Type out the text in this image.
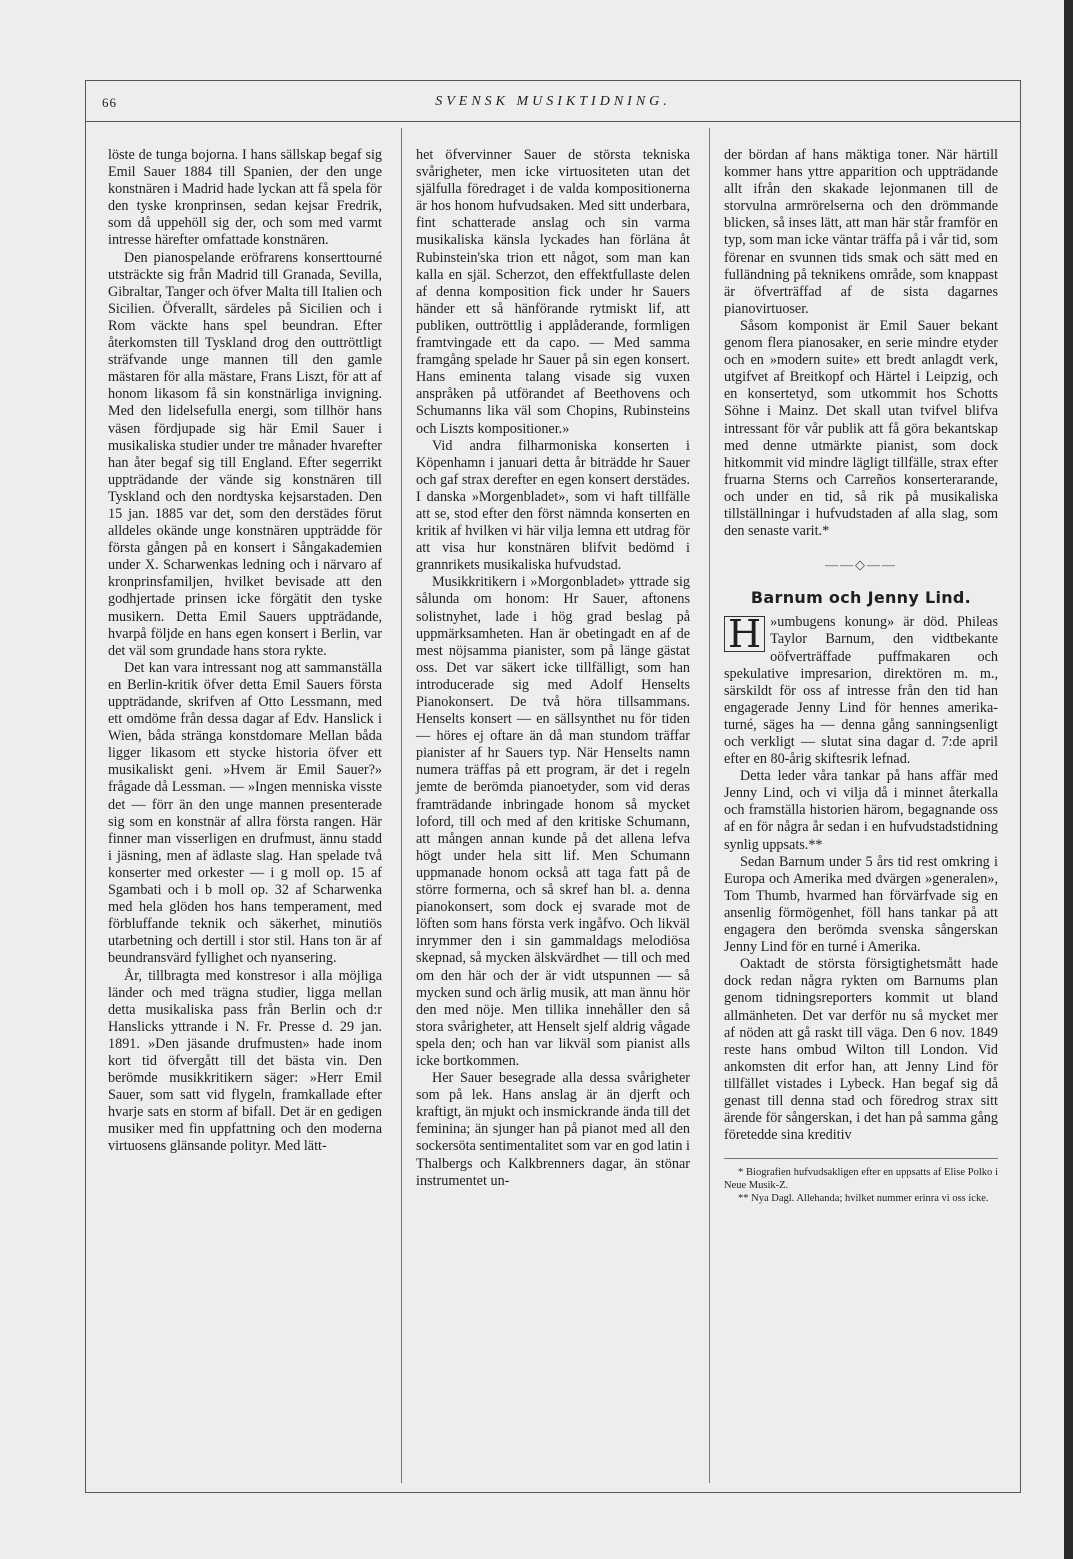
66	SVENSK MUSIKTIDNING.

löste de tunga bojorna. I hans sällskap begaf sig Emil Sauer 1884 till Spanien, der den unge konstnären i Madrid hade lyckan att få spela för den tyske kronprinsen, sedan kejsar Fredrik, som då uppehöll sig der, och som med varmt intresse härefter omfattade konstnären.

Den pianospelande eröfrarens konserttourné utsträckte sig från Madrid till Granada, Sevilla, Gibraltar, Tanger och öfver Malta till Italien och Sicilien. Öfverallt, särdeles på Sicilien och i Rom väckte hans spel beundran. Efter återkomsten till Tyskland drog den outtröttligt sträfvande unge mannen till den gamle mästaren för alla mästare, Frans Liszt, för att af honom likasom få sin konstnärliga invigning. Med den lidelsefulla energi, som tillhör hans väsen fördjupade sig här Emil Sauer i musikaliska studier under tre månader hvarefter han åter begaf sig till England. Efter segerrikt uppträdande der vände sig konstnären till Tyskland och den nordtyska kejsarstaden. Den 15 jan. 1885 var det, som den derstädes förut alldeles okände unge konstnären uppträdde för första gången på en konsert i Sångakademien under X. Scharwenkas ledning och i närvaro af kronprinsfamiljen, hvilket bevisade att den godhjertade prinsen icke förgätit den tyske musikern. Detta Emil Sauers uppträdande, hvarpå följde en hans egen konsert i Berlin, var det väl som grundade hans stora rykte.

Det kan vara intressant nog att sammanställa en Berlin-kritik öfver detta Emil Sauers första uppträdande, skrifven af Otto Lessmann, med ett omdöme från dessa dagar af Edv. Hanslick i Wien, båda stränga konstdomare Mellan båda ligger likasom ett stycke historia öfver ett musikaliskt geni. »Hvem är Emil Sauer?» frågade då Lessman. — »Ingen menniska visste det — förr än den unge mannen presenterade sig som en konstnär af allra första rangen. Här finner man visserligen en drufmust, ännu stadd i jäsning, men af ädlaste slag. Han spelade två konserter med orkester — i g moll op. 15 af Sgambati och i b moll op. 32 af Scharwenka med hela glöden hos hans temperament, med förbluffande teknik och säkerhet, minutiös utarbetning och dertill i stor stil. Hans ton är af beundransvärd fyllighet och nyansering.

År, tillbragta med konstresor i alla möjliga länder och med trägna studier, ligga mellan detta musikaliska pass från Berlin och d:r Hanslicks yttrande i N. Fr. Presse d. 29 jan. 1891. »Den jäsande drufmusten» hade inom kort tid öfvergått till det bästa vin. Den berömde musikkritikern säger: »Herr Emil Sauer, som satt vid flygeln, framkallade efter hvarje sats en storm af bifall. Det är en gedigen musiker med fin uppfattning och den moderna virtuosens glänsande polityr. Med lätt-

het öfvervinner Sauer de största tekniska svårigheter, men icke virtuositeten utan det själfulla föredraget i de valda kompositionerna är hos honom hufvudsaken. Med sitt underbara, fint schatterade anslag och sin varma musikaliska känsla lyckades han förläna åt Rubinstein'ska trion ett något, som man kan kalla en själ. Scherzot, den effektfullaste delen af denna komposition fick under hr Sauers händer ett så hänförande rytmiskt lif, att publiken, outtröttlig i applåderande, formligen framtvingade ett da capo. — Med samma framgång spelade hr Sauer på sin egen konsert. Hans eminenta talang visade sig vuxen anspråken på utförandet af Beethovens och Schumanns lika väl som Chopins, Rubinsteins och Liszts kompositioner.»

Vid andra filharmoniska konserten i Köpenhamn i januari detta år biträdde hr Sauer och gaf strax derefter en egen konsert derstädes. I danska »Morgenbladet», som vi haft tillfälle att se, stod efter den först nämnda konserten en kritik af hvilken vi här vilja lemna ett utdrag för att visa hur konstnären blifvit bedömd i grannrikets musikaliska hufvudstad.

Musikkritikern i »Morgonbladet» yttrade sig sålunda om honom: Hr Sauer, aftonens solistnyhet, lade i hög grad beslag på uppmärksamheten. Han är obetingadt en af de mest nöjsamma pianister, som på länge gästat oss. Det var säkert icke tillfälligt, som han introducerade sig med Adolf Henselts Pianokonsert. De två höra tillsammans. Henselts konsert — en sällsynthet nu för tiden — höres ej oftare än då man stundom träffar pianister af hr Sauers typ. När Henselts namn numera träffas på ett program, är det i regeln jemte de berömda pianoetyder, som vid deras framträdande inbringade honom så mycket loford, till och med af den kritiske Schumann, att mången annan kunde på det allena lefva högt under hela sitt lif. Men Schumann uppmanade honom också att taga fatt på de större formerna, och så skref han bl. a. denna pianokonsert, som dock ej svarade mot de löften som hans första verk ingåfvo. Och likväl inrymmer den i sin gammaldags melodiösa skepnad, så mycken älskvärdhet — till och med om den här och der är vidt utspunnen — så mycken sund och ärlig musik, att man ännu hör den med nöje. Men tillika innehåller den så stora svårigheter, att Henselt sjelf aldrig vågade spela den; och han var likväl som pianist alls icke bortkommen.

Her Sauer besegrade alla dessa svårigheter som på lek. Hans anslag är än djerft och kraftigt, än mjukt och insmickrande ända till det feminina; än sjunger han på pianot med all den sockersöta sentimentalitet som var en god latin i Thalbergs och Kalkbrenners dagar, än stönar instrumentet un-

der bördan af hans mäktiga toner. När härtill kommer hans yttre apparition och uppträdande allt ifrån den skakade lejonmanen till de storvulna armrörelserna och den drömmande blicken, så inses lätt, att man här står framför en typ, som man icke väntar träffa på i vår tid, som förenar en svunnen tids smak och sätt med en fulländning på teknikens område, som knappast är öfverträffad af de sista dagarnes pianovirtuoser.

Såsom komponist är Emil Sauer bekant genom flera pianosaker, en serie mindre etyder och en »modern suite» ett bredt anlagdt verk, utgifvet af Breitkopf och Härtel i Leipzig, och en konsertetyd, som utkommit hos Schotts Söhne i Mainz. Det skall utan tvifvel blifva intressant för vår publik att få göra bekantskap med denne utmärkte pianist, som dock hitkommit vid mindre lägligt tillfälle, strax efter fruarna Sterns och Carreños konserterarande, och under en tid, så rik på musikaliska tillställningar i hufvudstaden af alla slag, som den senaste varit.*

——◇——
Barnum och Jenny Lind.

»
H umbugens konung» är död. Phileas Taylor Barnum, den vidtbekante oöfverträffade puffmakaren och spekulative impresarion, direktören m. m., särskildt för oss af intresse från den tid han engagerade Jenny Lind för hennes amerika-turné, säges ha — denna gång sanningsenligt och verkligt — slutat sina dagar d. 7:de april efter en 80-årig skiftesrik lefnad.

Detta leder våra tankar på hans affär med Jenny Lind, och vi vilja då i minnet återkalla och framställa historien härom, begagnande oss af en för några år sedan i en hufvudstadstidning synlig uppsats.**

Sedan Barnum under 5 års tid rest omkring i Europa och Amerika med dvärgen »generalen», Tom Thumb, hvarmed han förvärfvade sig en ansenlig förmögenhet, föll hans tankar på att engagera den berömda svenska sångerskan Jenny Lind för en turné i Amerika.

Oaktadt de största försigtighetsmått hade dock redan några rykten om Barnums plan genom tidningsreporters kommit ut bland allmänheten. Det var derför nu så mycket mer af nöden att gå raskt till väga. Den 6 nov. 1849 reste hans ombud Wilton till London. Vid ankomsten dit erfor han, att Jenny Lind för tillfället vistades i Lybeck. Han begaf sig då genast till denna stad och föredrog strax sitt ärende för sångerskan, i det han på samma gång företedde sina kreditiv

* Biografien hufvudsakligen efter en uppsatts af Elise Polko i Neue Musik-Z.

** Nya Dagl. Allehanda; hvilket nummer erinra vi oss icke.
